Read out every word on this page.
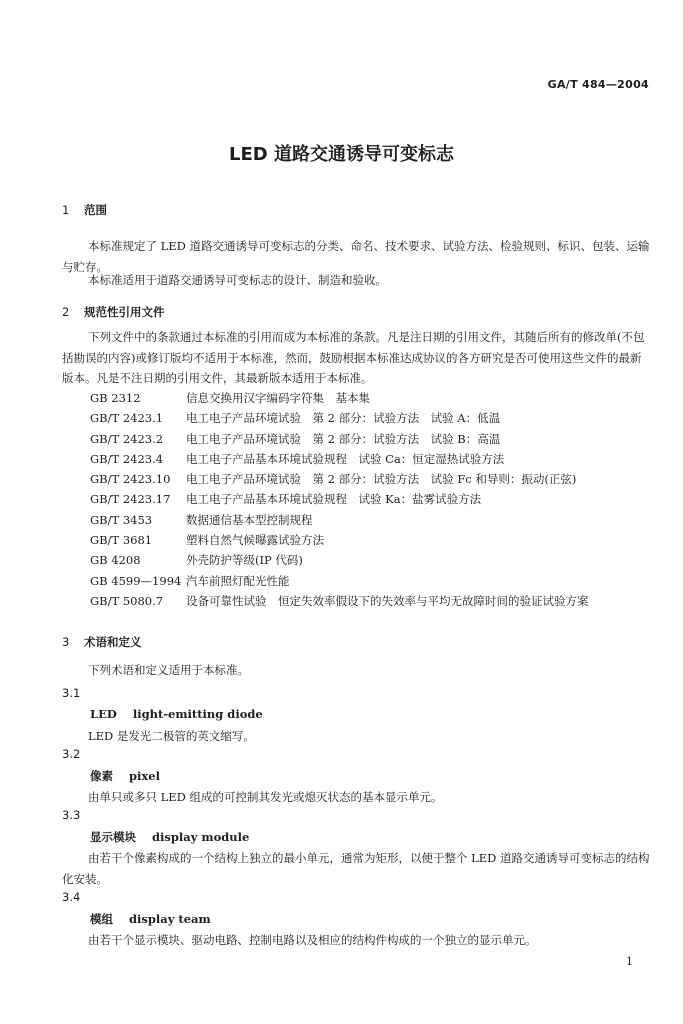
GA/T 484—2004
LED 道路交通诱导可变标志
1 范围
本标准规定了 LED 道路交通诱导可变标志的分类、命名、技术要求、试验方法、检验规则、标识、包装、运输与贮存。
本标准适用于道路交通诱导可变标志的设计、制造和验收。
2 规范性引用文件
下列文件中的条款通过本标准的引用而成为本标准的条款。凡是注日期的引用文件，其随后所有的修改单(不包括勘误的内容)或修订版均不适用于本标准，然而，鼓励根据本标准达成协议的各方研究是否可使用这些文件的最新版本。凡是不注日期的引用文件，其最新版本适用于本标准。
GB 2312	信息交换用汉字编码字符集　基本集
GB/T 2423.1 电工电子产品环境试验　第 2 部分：试验方法　试验 A：低温
GB/T 2423.2 电工电子产品环境试验　第 2 部分：试验方法　试验 B：高温
GB/T 2423.4 电工电子产品基本环境试验规程　试验 Ca：恒定湿热试验方法
GB/T 2423.10 电工电子产品环境试验　第 2 部分：试验方法　试验 Fc 和导则：振动(正弦)
GB/T 2423.17 电工电子产品基本环境试验规程　试验 Ka：盐雾试验方法
GB/T 3453	数据通信基本型控制规程
GB/T 3681	塑料自然气候曝露试验方法
GB 4208	外壳防护等级(IP 代码)
GB 4599—1994 汽车前照灯配光性能
GB/T 5080.7 设备可靠性试验　恒定失效率假设下的失效率与平均无故障时间的验证试验方案
3 术语和定义
下列术语和定义适用于本标准。
3.1
LED light-emitting diode
LED 是发光二极管的英文缩写。
3.2
像素 pixel
由单只或多只 LED 组成的可控制其发光或熄灭状态的基本显示单元。
3.3
显示模块 display module
由若干个像素构成的一个结构上独立的最小单元，通常为矩形，以便于整个 LED 道路交通诱导可变标志的结构化安装。
3.4
模组 display team
由若干个显示模块、驱动电路、控制电路以及相应的结构件构成的一个独立的显示单元。
1
